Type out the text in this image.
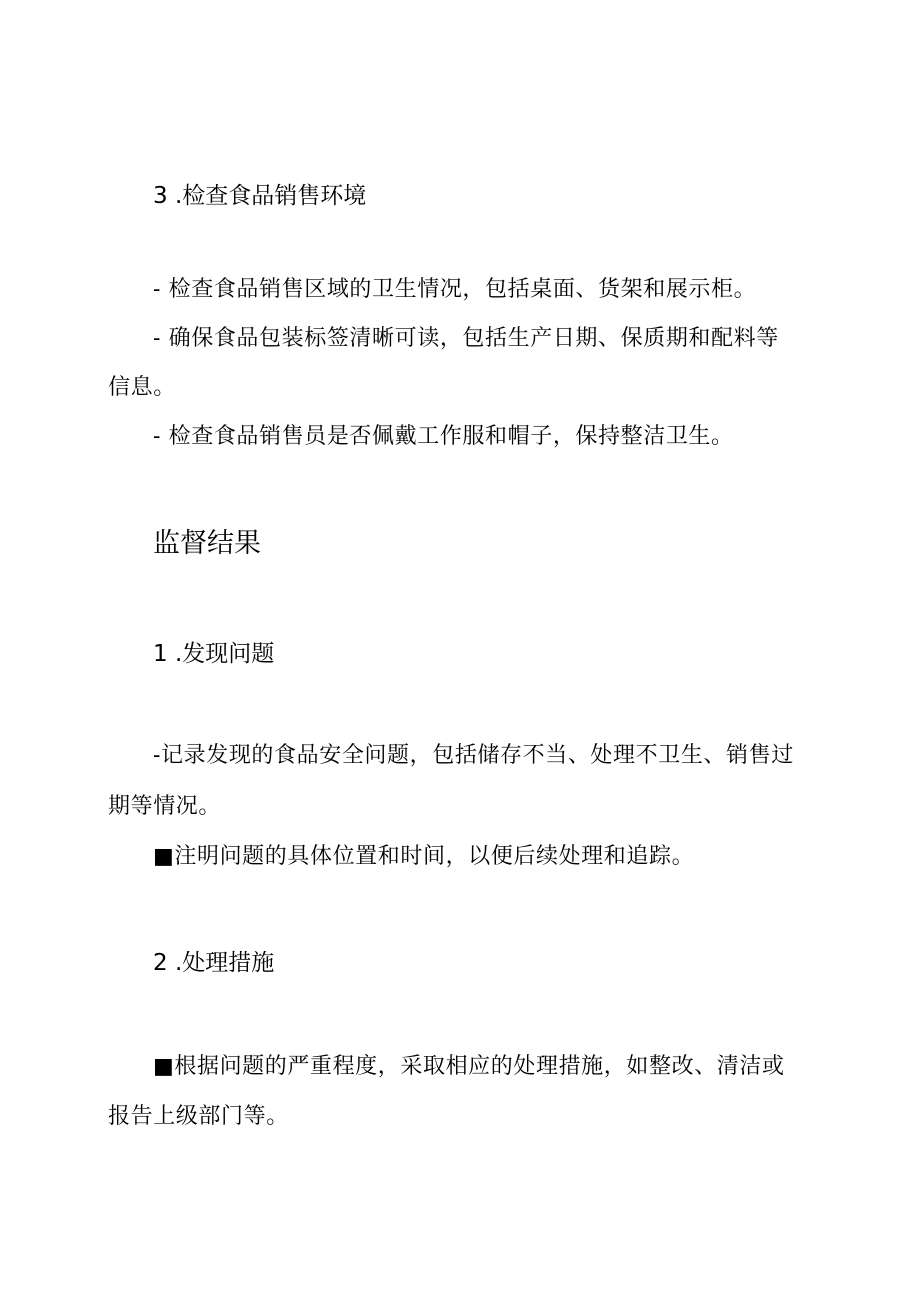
3 .检查食品销售环境
- 检查食品销售区域的卫生情况，包括桌面、货架和展示柜。
- 确保食品包装标签清晰可读，包括生产日期、保质期和配料等
信息。
- 检查食品销售员是否佩戴工作服和帽子，保持整洁卫生。
监督结果
1 .发现问题
-记录发现的食品安全问题，包括储存不当、处理不卫生、销售过
期等情况。
■注明问题的具体位置和时间，以便后续处理和追踪。
2 .处理措施
■根据问题的严重程度，采取相应的处理措施，如整改、清洁或
报告上级部门等。
